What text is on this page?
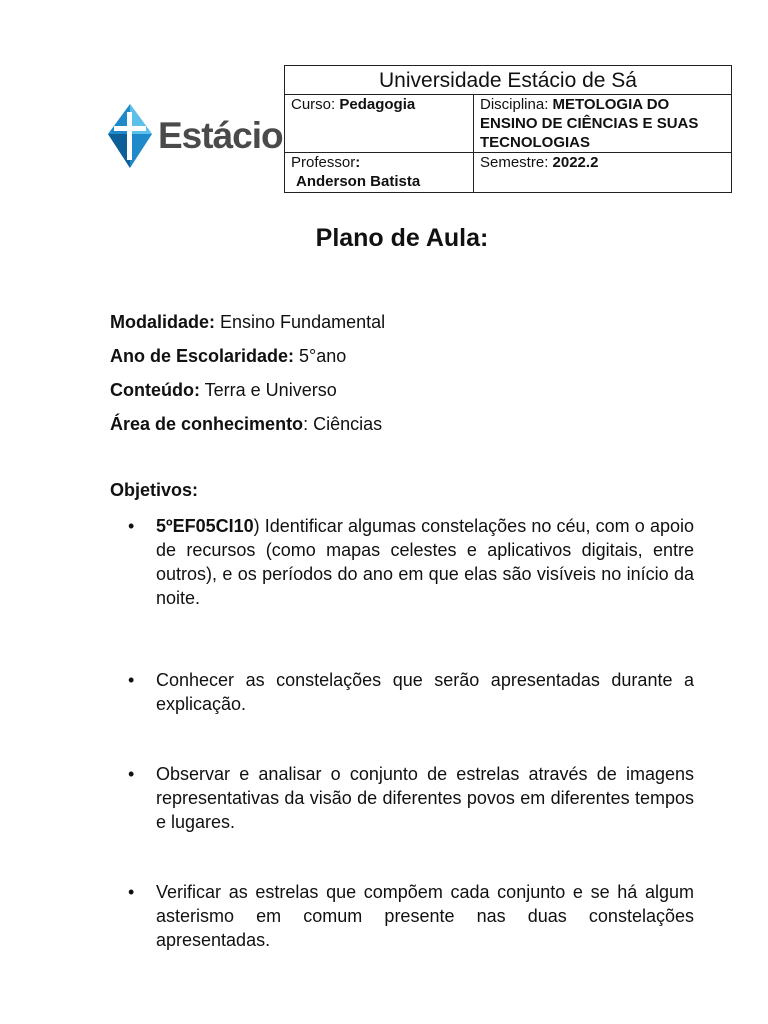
Estácio
Universidade Estácio de Sá	
Curso: Pedagogia	Disciplina: METOLOGIA DO ENSINO DE CIÊNCIAS E SUAS TECNOLOGIAS
Professor:
Anderson Batista	Semestre: 2022.2
Plano de Aula:
Modalidade: Ensino Fundamental
Ano de Escolaridade: 5°ano
Conteúdo: Terra e Universo
Área de conhecimento: Ciências
Objetivos:
• 5ºEF05CI10) Identificar algumas constelações no céu, com o apoio de recursos (como mapas celestes e aplicativos digitais, entre outros), e os períodos do ano em que elas são visíveis no início da noite.
• Conhecer as constelações que serão apresentadas durante a explicação.
• Observar e analisar o conjunto de estrelas através de imagens representativas da visão de diferentes povos em diferentes tempos e lugares.
• Verificar as estrelas que compõem cada conjunto e se há algum asterismo em comum presente nas duas constelações apresentadas.
